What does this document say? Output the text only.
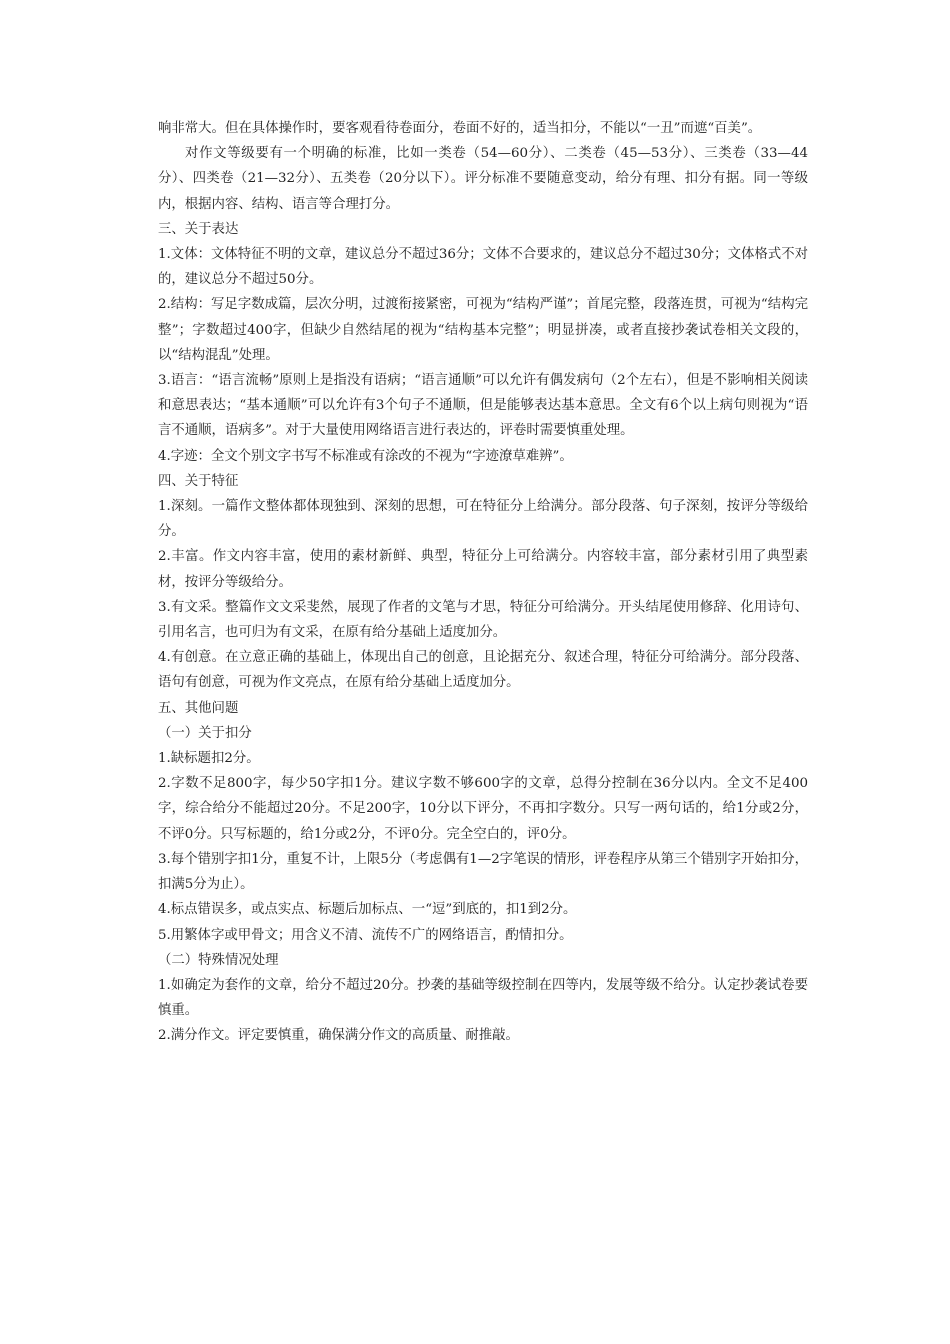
响非常大。但在具体操作时，要客观看待卷面分，卷面不好的，适当扣分，不能以“一丑”而遮“百美”。

对作文等级要有一个明确的标准，比如一类卷（54—60分）、二类卷（45—53分）、三类卷（33—44分）、四类卷（21—32分）、五类卷（20分以下）。评分标准不要随意变动，给分有理、扣分有据。同一等级内，根据内容、结构、语言等合理打分。

三、关于表达

1.文体：文体特征不明的文章，建议总分不超过36分；文体不合要求的，建议总分不超过30分；文体格式不对的，建议总分不超过50分。

2.结构：写足字数成篇，层次分明，过渡衔接紧密，可视为“结构严谨”；首尾完整，段落连贯，可视为“结构完整”；字数超过400字，但缺少自然结尾的视为“结构基本完整”；明显拼凑，或者直接抄袭试卷相关文段的，以“结构混乱”处理。

3.语言：“语言流畅”原则上是指没有语病；“语言通顺”可以允许有偶发病句（2个左右），但是不影响相关阅读和意思表达；“基本通顺”可以允许有3个句子不通顺，但是能够表达基本意思。全文有6个以上病句则视为“语言不通顺，语病多”。对于大量使用网络语言进行表达的，评卷时需要慎重处理。

4.字迹：全文个别文字书写不标准或有涂改的不视为“字迹潦草难辨”。

四、关于特征

1.深刻。一篇作文整体都体现独到、深刻的思想，可在特征分上给满分。部分段落、句子深刻，按评分等级给分。

2.丰富。作文内容丰富，使用的素材新鲜、典型，特征分上可给满分。内容较丰富，部分素材引用了典型素材，按评分等级给分。

3.有文采。整篇作文文采斐然，展现了作者的文笔与才思，特征分可给满分。开头结尾使用修辞、化用诗句、引用名言，也可归为有文采，在原有给分基础上适度加分。

4.有创意。在立意正确的基础上，体现出自己的创意，且论据充分、叙述合理，特征分可给满分。部分段落、语句有创意，可视为作文亮点，在原有给分基础上适度加分。

五、其他问题

（一）关于扣分

1.缺标题扣2分。

2.字数不足800字，每少50字扣1分。建议字数不够600字的文章，总得分控制在36分以内。全文不足400字，综合给分不能超过20分。不足200字，10分以下评分，不再扣字数分。只写一两句话的，给1分或2分，不评0分。只写标题的，给1分或2分，不评0分。完全空白的，评0分。

3.每个错别字扣1分，重复不计，上限5分（考虑偶有1—2字笔误的情形，评卷程序从第三个错别字开始扣分，扣满5分为止）。

4.标点错误多，或点实点、标题后加标点、一“逗”到底的，扣1到2分。

5.用繁体字或甲骨文；用含义不清、流传不广的网络语言，酌情扣分。

（二）特殊情况处理

1.如确定为套作的文章，给分不超过20分。抄袭的基础等级控制在四等内，发展等级不给分。认定抄袭试卷要慎重。

2.满分作文。评定要慎重，确保满分作文的高质量、耐推敲。
